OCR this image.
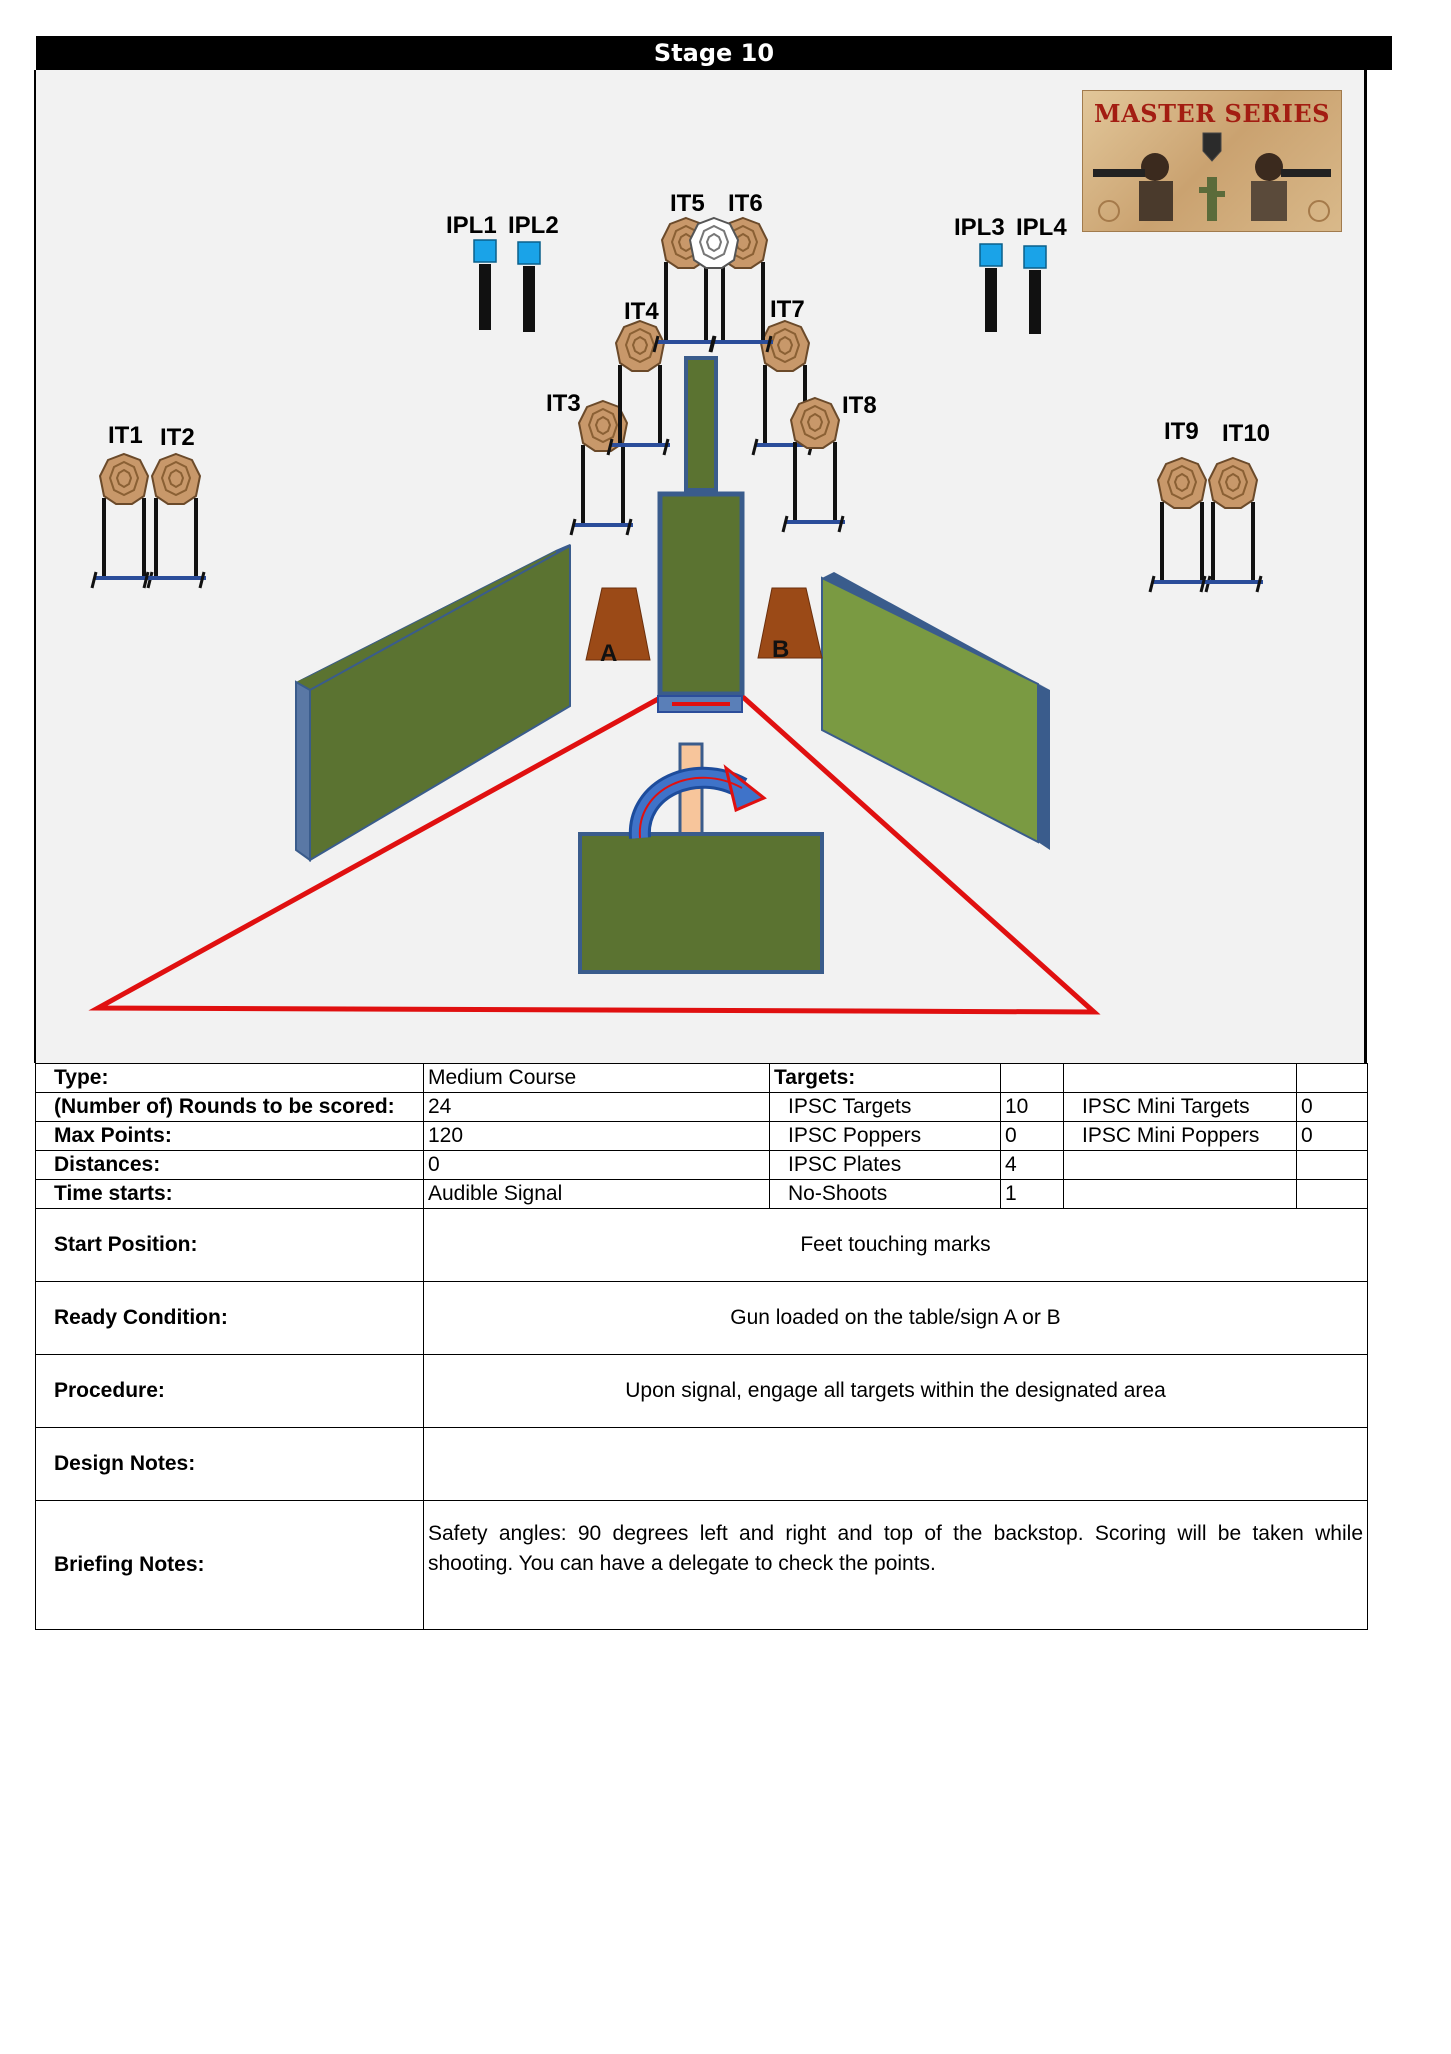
Stage 10
IT1 IT2
IT3
IT4
IT5 IT6
IT7
IT8
IT9 IT10
IPL1 IPL2	IPL3 IPL4
A	B
MASTER SERIES
Type:	Medium Course	Targets:			
(Number of) Rounds to be scored:	24	IPSC Targets	10	IPSC Mini Targets	0
Max Points:	120	IPSC Poppers	0	IPSC Mini Poppers	0
Distances:	0	IPSC Plates	4		
Time starts:	Audible Signal	No-Shoots	1		
Start Position:	Feet touching marks				
Ready Condition:	Gun loaded on the table/sign A or B				
Procedure:	Upon signal, engage all targets within the designated area				
Design Notes:					
Briefing Notes:	Safety angles: 90 degrees left and right and top of the backstop. Scoring will be taken while shooting. You can have a delegate to check the points.				
